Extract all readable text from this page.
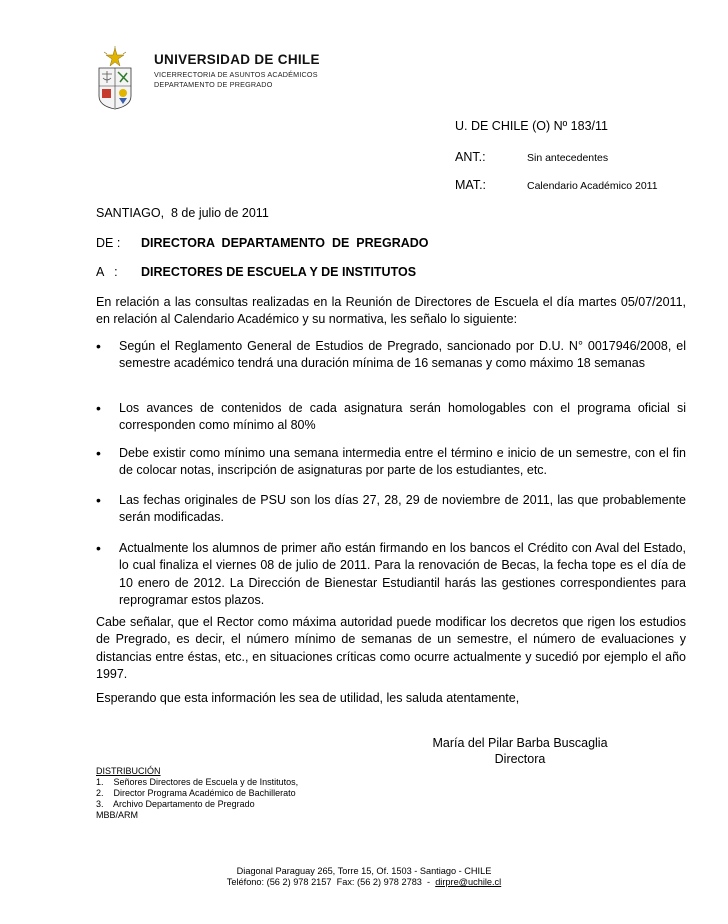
UNIVERSIDAD DE CHILE
VICERRECTORIA DE ASUNTOS ACADÉMICOS
DEPARTAMENTO DE PREGRADO
U. DE CHILE (O) Nº 183/11
ANT.:	Sin antecedentes
MAT.:	Calendario Académico 2011
SANTIAGO,  8 de julio de 2011
DE : DIRECTORA  DEPARTAMENTO  DE  PREGRADO
A   : DIRECTORES DE ESCUELA Y DE INSTITUTOS
En relación a las consultas realizadas en la Reunión de Directores de Escuela el día martes 05/07/2011, en relación al Calendario Académico y su normativa, les señalo lo siguiente:
• Según el Reglamento General de Estudios de Pregrado, sancionado por D.U. N° 0017946/2008, el semestre académico tendrá una duración mínima de 16 semanas y como máximo 18 semanas
• Los avances de contenidos de cada asignatura serán homologables con el programa oficial si corresponden como mínimo al 80%
• Debe existir como mínimo una semana intermedia entre el término e inicio de un semestre, con el fin de colocar notas, inscripción de asignaturas por parte de los estudiantes, etc.
• Las fechas originales de PSU son los días 27, 28, 29 de noviembre de 2011, las que probablemente serán modificadas.
• Actualmente los alumnos de primer año están firmando en los bancos el Crédito con Aval del Estado, lo cual finaliza el viernes 08 de julio de 2011. Para la renovación de Becas, la fecha tope es el día de 10 enero de 2012. La Dirección de Bienestar Estudiantil harás las gestiones correspondientes para reprogramar estos plazos.
Cabe señalar, que el Rector como máxima autoridad puede modificar los decretos que rigen los estudios de Pregrado, es decir, el número mínimo de semanas de un semestre, el número de evaluaciones y distancias entre éstas, etc., en situaciones críticas como ocurre actualmente y sucedió por ejemplo el año 1997.
Esperando que esta información les sea de utilidad, les saluda atentamente,
María del Pilar Barba Buscaglia
Directora
DISTRIBUCIÓN
1.    Señores Directores de Escuela y de Institutos,
2.    Director Programa Académico de Bachillerato
3.    Archivo Departamento de Pregrado
MBB/ARM
Diagonal Paraguay 265, Torre 15, Of. 1503 - Santiago - CHILE
Teléfono: (56 2) 978 2157  Fax: (56 2) 978 2783  -  dirpre@uchile.cl
